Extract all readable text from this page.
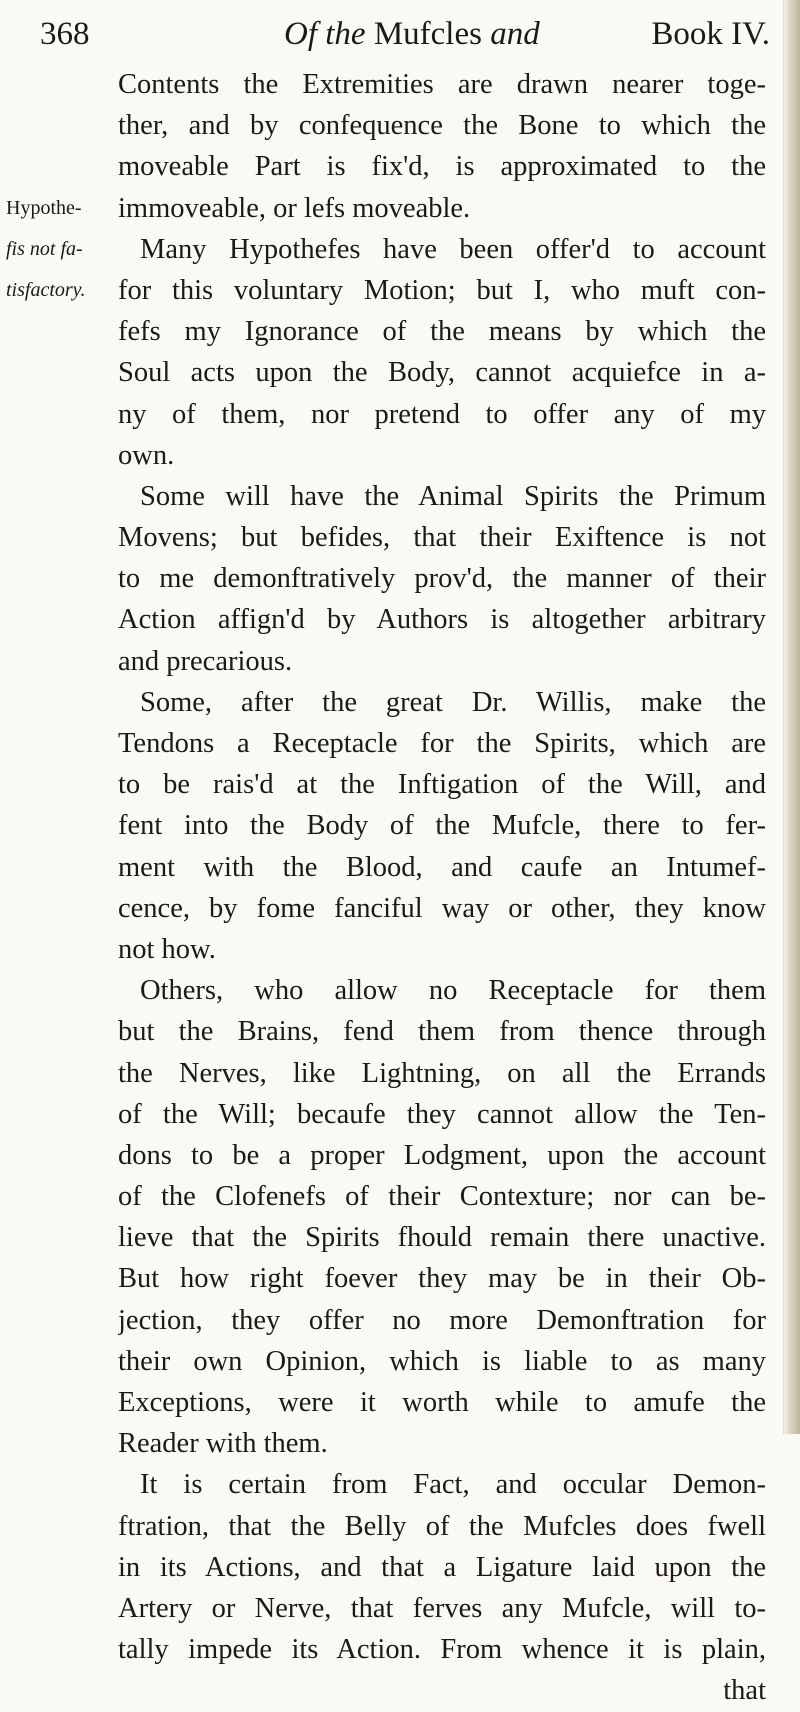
368	Of the Mufcles and	Book IV.
Hypothe-
fis not fa-
tisfactory.
Contents the Extremities are drawn nearer toge-
ther, and by confequence the Bone to which the
moveable Part is fix'd, is approximated to the
immoveable, or lefs moveable.
Many Hypothefes have been offer'd to account
for this voluntary Motion; but I, who muft con-
fefs my Ignorance of the means by which the
Soul acts upon the Body, cannot acquiefce in a-
ny of them, nor pretend to offer any of my
own.
Some will have the Animal Spirits the Primum
Movens; but befides, that their Exiftence is not
to me demonftratively prov'd, the manner of their
Action affign'd by Authors is altogether arbitrary
and precarious.
Some, after the great Dr. Willis, make the
Tendons a Receptacle for the Spirits, which are
to be rais'd at the Inftigation of the Will, and
fent into the Body of the Mufcle, there to fer-
ment with the Blood, and caufe an Intumef-
cence, by fome fanciful way or other, they know
not how.
Others, who allow no Receptacle for them
but the Brains, fend them from thence through
the Nerves, like Lightning, on all the Errands
of the Will; becaufe they cannot allow the Ten-
dons to be a proper Lodgment, upon the account
of the Clofenefs of their Contexture; nor can be-
lieve that the Spirits fhould remain there unactive.
But how right foever they may be in their Ob-
jection, they offer no more Demonftration for
their own Opinion, which is liable to as many
Exceptions, were it worth while to amufe the
Reader with them.
It is certain from Fact, and occular Demon-
ftration, that the Belly of the Mufcles does fwell
in its Actions, and that a Ligature laid upon the
Artery or Nerve, that ferves any Mufcle, will to-
tally impede its Action. From whence it is plain,
that
